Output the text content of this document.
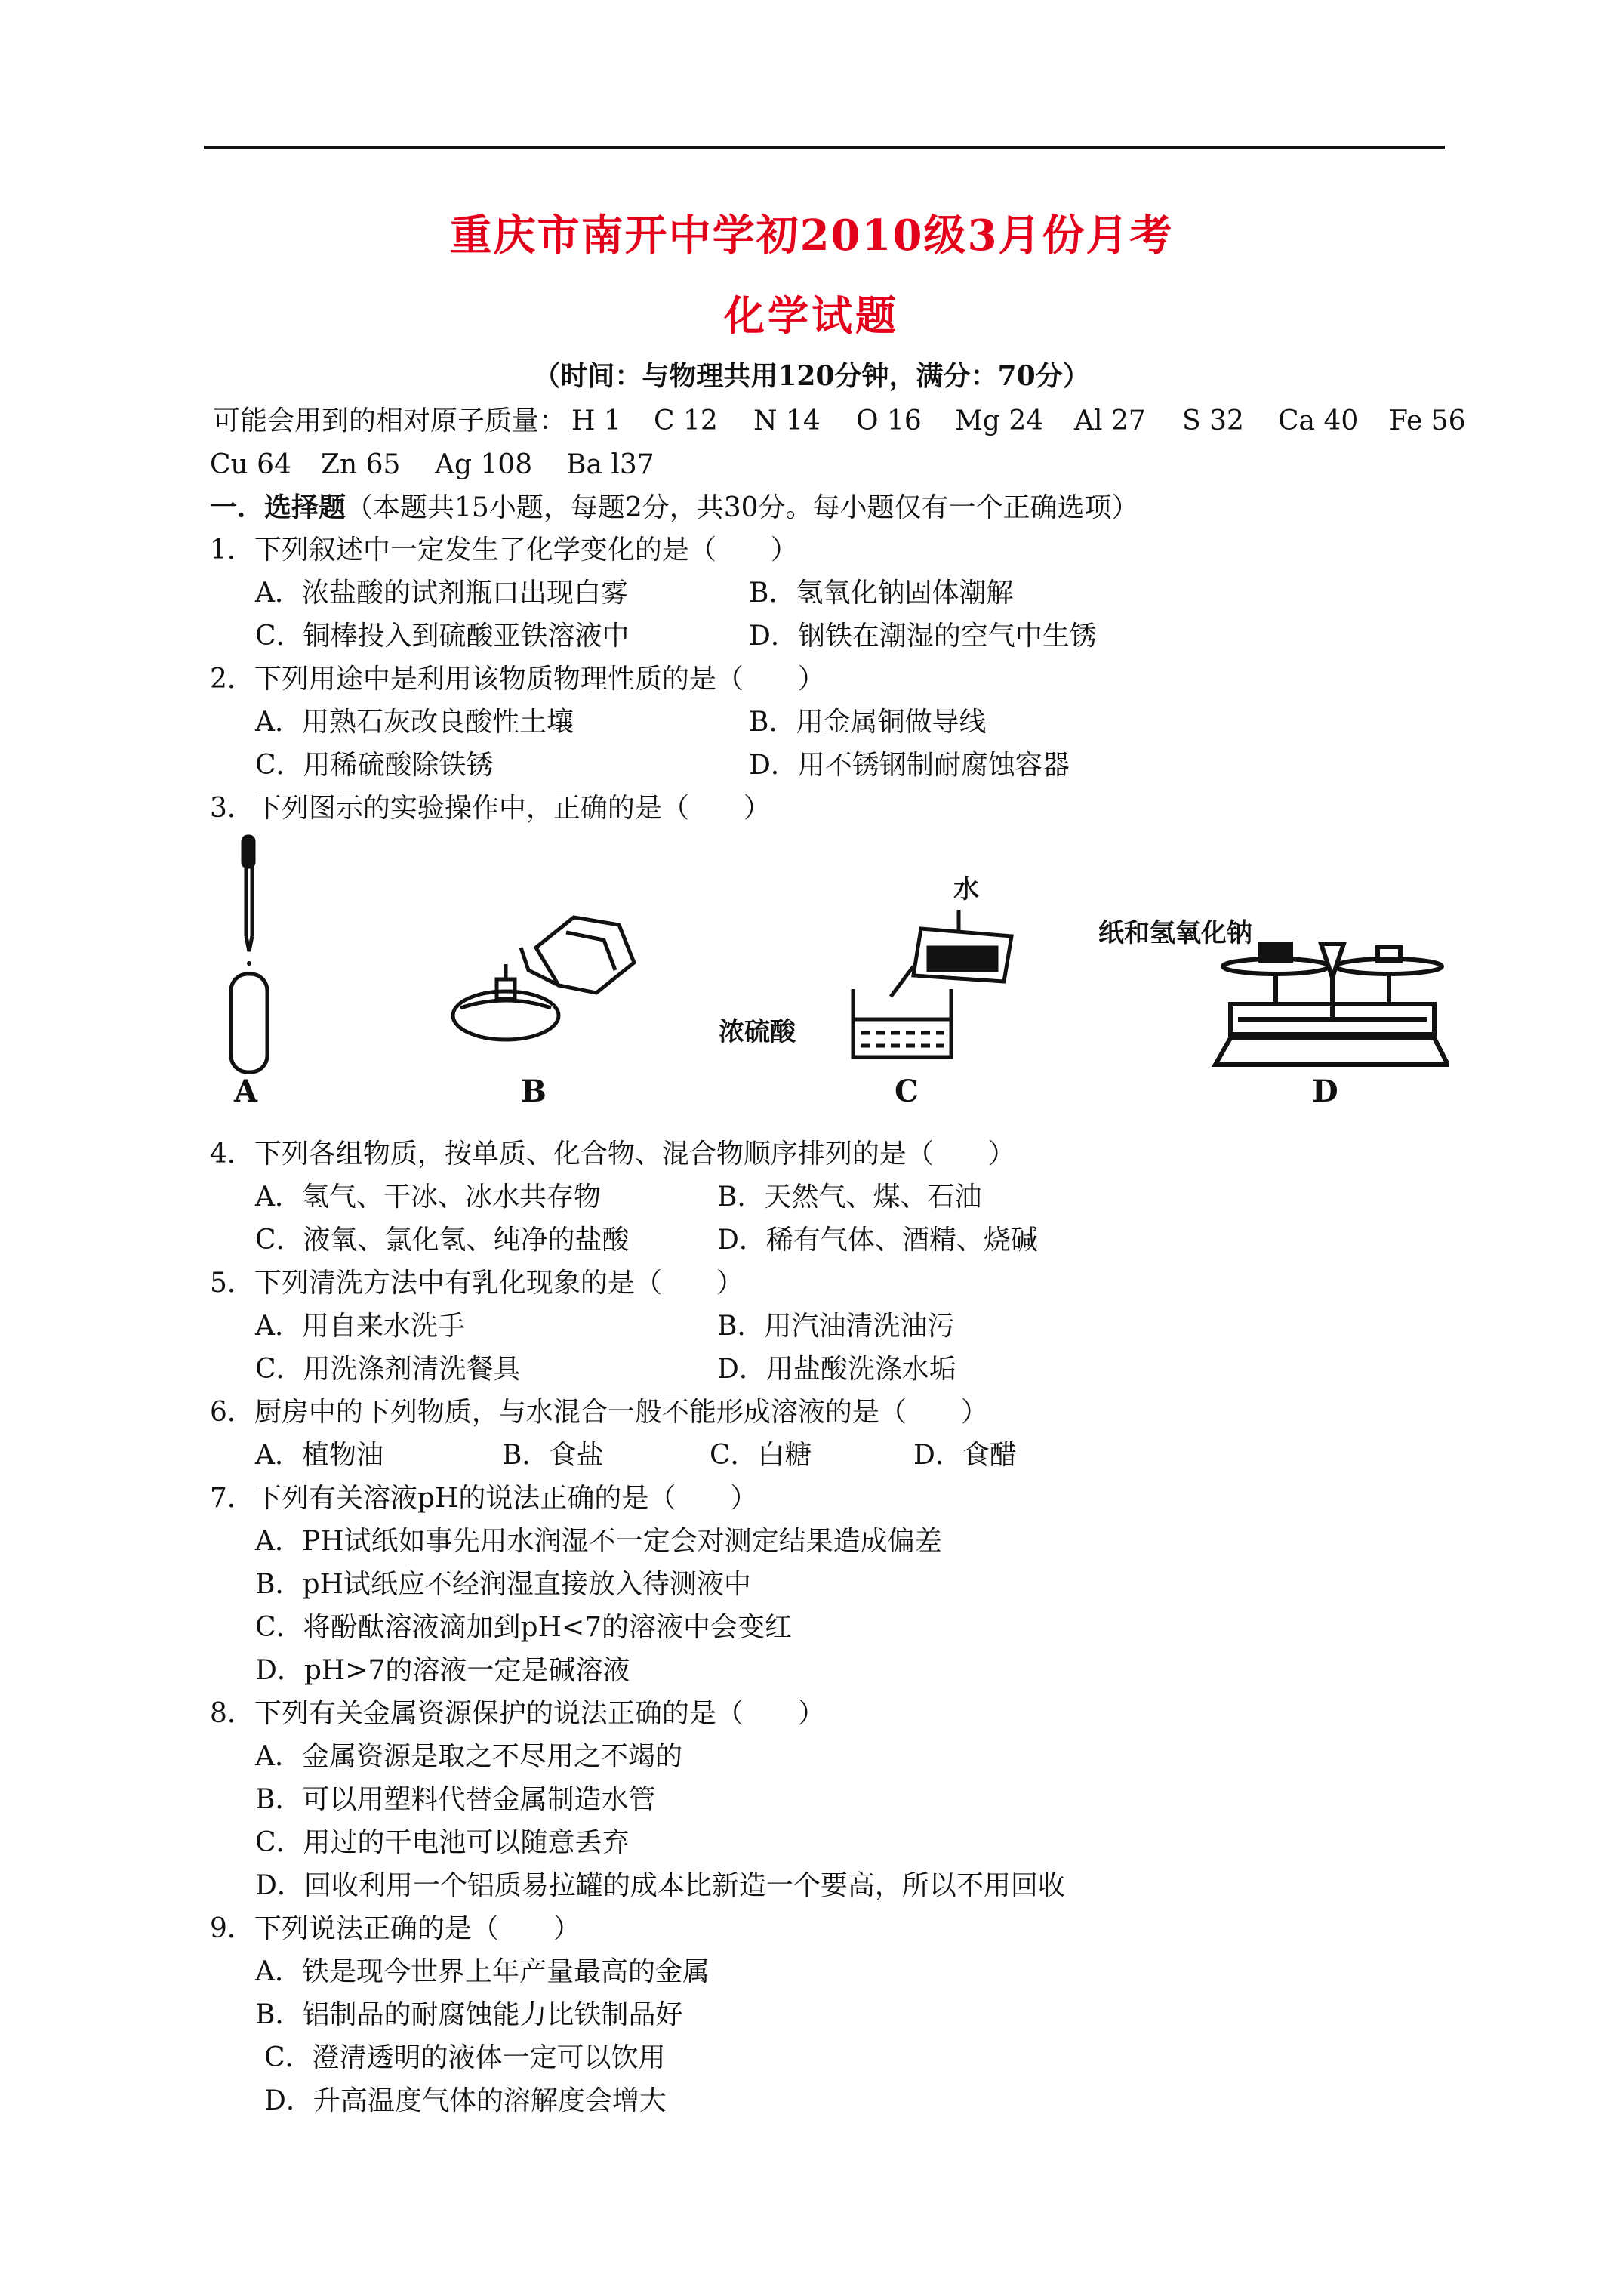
重庆市南开中学初2010级3月份月考
化学试题
（时间：与物理共用120分钟，满分：70分）
可能会用到的相对原子质量： H 1 C 12 N 14 O 16 Mg 24 Al 27 S 32 Ca 40 Fe 56
Cu 64 Zn 65 Ag 108 Ba l37
一．选择题（本题共15小题，每题2分，共30分。每小题仅有一个正确选项）
1．下列叙述中一定发生了化学变化的是（　　）
A．浓盐酸的试剂瓶口出现白雾	B．氢氧化钠固体潮解
C．铜棒投入到硫酸亚铁溶液中	D．钢铁在潮湿的空气中生锈
2．下列用途中是利用该物质物理性质的是（　　）
A．用熟石灰改良酸性土壤	B．用金属铜做导线
C．用稀硫酸除铁锈	D．用不锈钢制耐腐蚀容器
3．下列图示的实验操作中，正确的是（　　）
水
浓硫酸
纸和氢氧化钠
A	B	C	D
4．下列各组物质，按单质、化合物、混合物顺序排列的是（　　）
A．氢气、干冰、冰水共存物	B．天然气、煤、石油
C．液氧、氯化氢、纯净的盐酸	D．稀有气体、酒精、烧碱
5．下列清洗方法中有乳化现象的是（　　）
A．用自来水洗手	B．用汽油清洗油污
C．用洗涤剂清洗餐具	D．用盐酸洗涤水垢
6．厨房中的下列物质，与水混合一般不能形成溶液的是（　　）
A．植物油	B．食盐	C．白糖	D．食醋
7．下列有关溶液pH的说法正确的是（　　）
A．PH试纸如事先用水润湿不一定会对测定结果造成偏差
B．pH试纸应不经润湿直接放入待测液中
C．将酚酞溶液滴加到pH<7的溶液中会变红
D．pH>7的溶液一定是碱溶液
8．下列有关金属资源保护的说法正确的是（　　）
A．金属资源是取之不尽用之不竭的
B．可以用塑料代替金属制造水管
C．用过的干电池可以随意丢弃
D．回收利用一个铝质易拉罐的成本比新造一个要高，所以不用回收
9．下列说法正确的是（　　）
A．铁是现今世界上年产量最高的金属
B．铝制品的耐腐蚀能力比铁制品好
C．澄清透明的液体一定可以饮用
D．升高温度气体的溶解度会增大
